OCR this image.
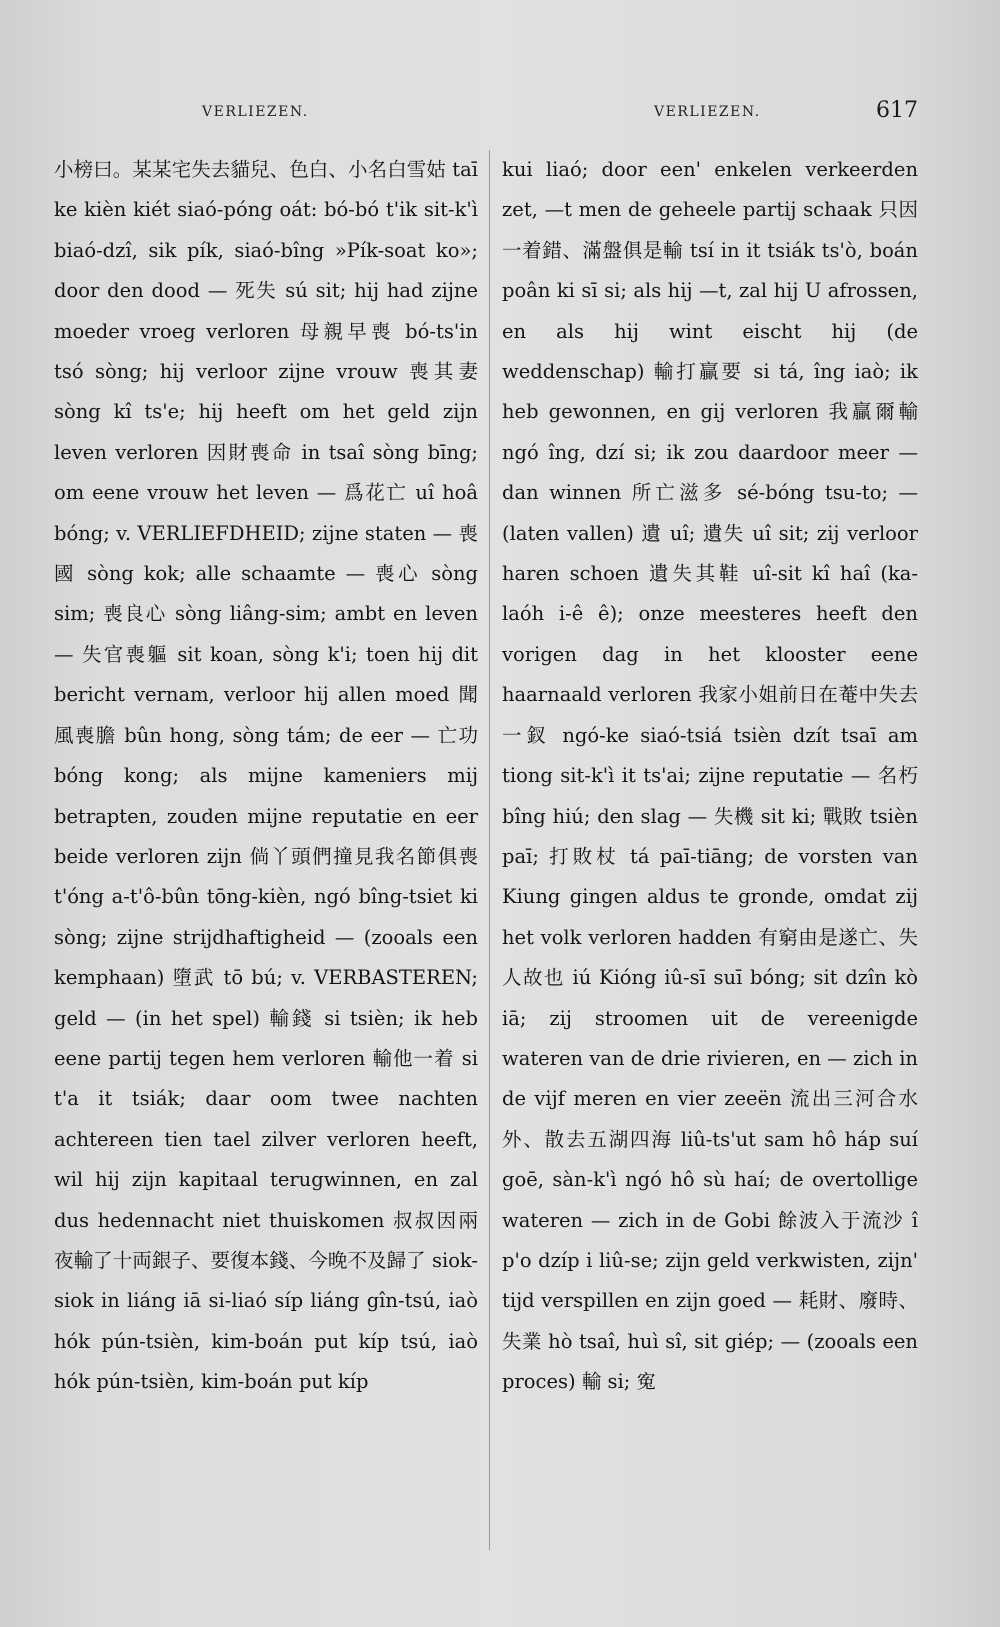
VERLIEZEN.	VERLIEZEN.	617

小榜曰。某某宅失去貓兒、色白、小名白雪姑 taī ke kièn kiét siaó-póng oát: bó-bó t'ik sit-k'ì biaó-dzî, sik pík, siaó-bîng »Pík-soat ko»; door den dood — 死失 sú sit; hij had zijne moeder vroeg verloren 母親早喪 bó-ts'in tsó sòng; hij verloor zijne vrouw 喪其妻 sòng kî ts'e; hij heeft om het geld zijn leven verloren 因財喪命 in tsaî sòng bīng; om eene vrouw het leven — 爲花亡 uî hoâ bóng; v. VERLIEFDHEID; zijne staten — 喪國 sòng kok; alle schaamte — 喪心 sòng sim; 喪良心 sòng liâng-sim; ambt en leven — 失官喪軀 sit koan, sòng k'i; toen hij dit bericht vernam, verloor hij allen moed 聞風喪膽 bûn hong, sòng tám; de eer — 亡功 bóng kong; als mijne kameniers mij betrapten, zouden mijne reputatie en eer beide verloren zijn 倘丫頭們撞見我名節俱喪 t'óng a-t'ô-bûn tōng-kièn, ngó bîng-tsiet ki sòng; zijne strijdhaftigheid — (zooals een kemphaan) 墮武 tō bú; v. VERBASTEREN; geld — (in het spel) 輸錢 si tsièn; ik heb eene partij tegen hem verloren 輸他一着 si t'a it tsiák; daar oom twee nachten achtereen tien tael zilver verloren heeft, wil hij zijn kapitaal terugwinnen, en zal dus hedennacht niet thuiskomen 叔叔因兩夜輸了十両銀子、要復本錢、今晚不及歸了 siok-siok in liáng iā si-liaó síp liáng gîn-tsú, iaò hók pún-tsièn, kim-boán put kíp tsú, iaò hók pún-tsièn, kim-boán put kíp

kui liaó; door een' enkelen verkeerden zet, —t men de geheele partij schaak 只因一着錯、滿盤俱是輸 tsí in it tsiák ts'ò, boán poân ki sī si; als hij —t, zal hij U afrossen, en als hij wint eischt hij (de weddenschap) 輸打贏要 si tá, îng iaò; ik heb gewonnen, en gij verloren 我贏爾輸 ngó îng, dzí si; ik zou daardoor meer — dan winnen 所亡滋多 sé-bóng tsu-to; — (laten vallen) 遺 uî; 遺失 uî sit; zij verloor haren schoen 遺失其鞋 uî-sit kî haî (ka-laóh i-ê ê); onze meesteres heeft den vorigen dag in het klooster eene haarnaald verloren 我家小姐前日在菴中失去一釵 ngó-ke siaó-tsiá tsièn dzít tsaī am tiong sit-k'ì it ts'ai; zijne reputatie — 名朽 bîng hiú; den slag — 失機 sit ki; 戰敗 tsièn paī; 打敗杖 tá paī-tiāng; de vorsten van Kiung gingen aldus te gronde, omdat zij het volk verloren hadden 有窮由是遂亡、失人故也 iú Kióng iû-sī suī bóng; sit dzîn kò iā; zij stroomen uit de vereenigde wateren van de drie rivieren, en — zich in de vijf meren en vier zeeën 流出三河合水外、散去五湖四海 liû-ts'ut sam hô háp suí goē, sàn-k'ì ngó hô sù haí; de overtollige wateren — zich in de Gobi 餘波入于流沙 î p'o dzíp i liû-se; zijn geld verkwisten, zijn' tijd verspillen en zijn goed — 耗財、廢時、失業 hò tsaî, huì sî, sit giép; — (zooals een proces) 輸 si; 寃
